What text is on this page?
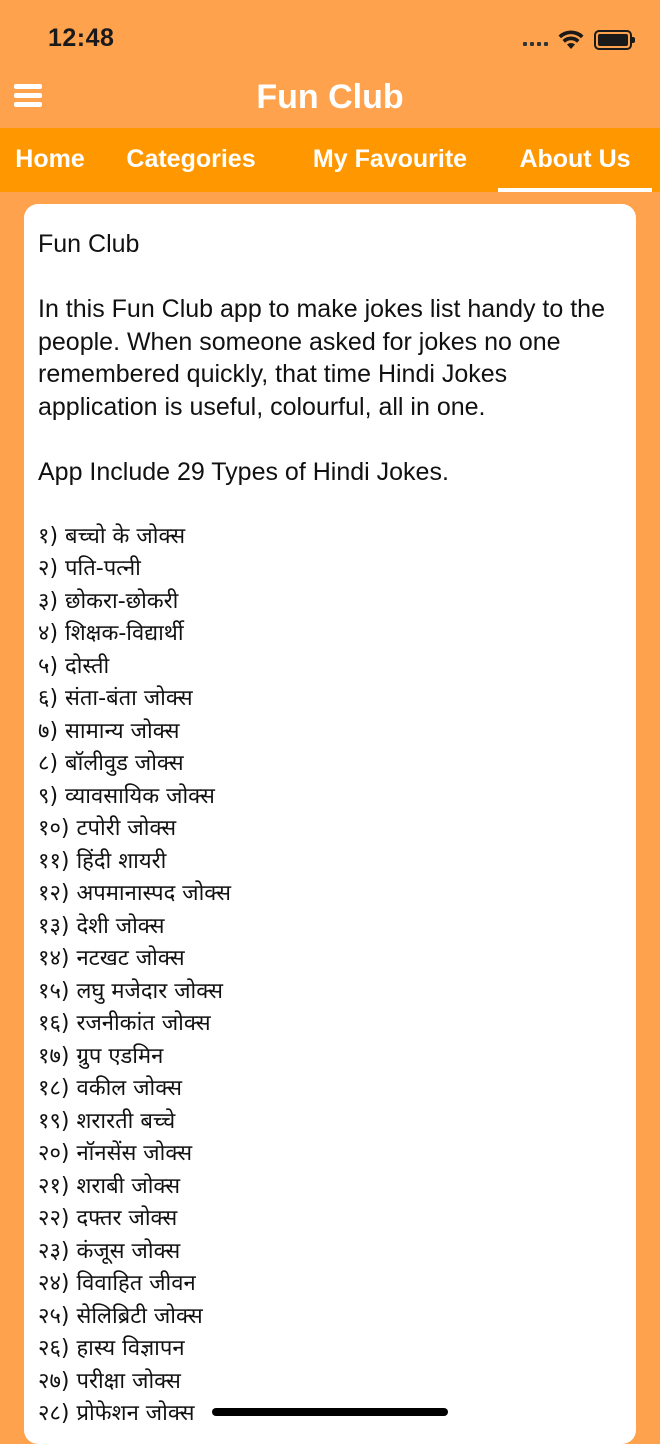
12:48
Fun Club
Home	Categories	My Favourite	About Us

Fun Club

In this Fun Club app to make jokes list handy to the people. When someone asked for jokes no one remembered quickly, that time Hindi Jokes application is useful, colourful, all in one.

App Include 29 Types of Hindi Jokes.

१) बच्चो के जोक्स
२) पति-पत्नी
३) छोकरा-छोकरी
४) शिक्षक-विद्यार्थी
५) दोस्ती
६) संता-बंता जोक्स
७) सामान्य जोक्स
८) बॉलीवुड जोक्स
९) व्यावसायिक जोक्स
१०) टपोरी जोक्स
११) हिंदी शायरी
१२) अपमानास्पद जोक्स
१३) देशी जोक्स
१४) नटखट जोक्स
१५) लघु मजेदार जोक्स
१६) रजनीकांत जोक्स
१७) ग्रुप एडमिन
१८) वकील जोक्स
१९) शरारती बच्चे
२०) नॉनसेंस जोक्स
२१) शराबी जोक्स
२२) दफ्तर जोक्स
२३) कंजूस जोक्स
२४) विवाहित जीवन
२५) सेलिब्रिटी जोक्स
२६) हास्य विज्ञापन
२७) परीक्षा जोक्स
२८) प्रोफेशन जोक्स
